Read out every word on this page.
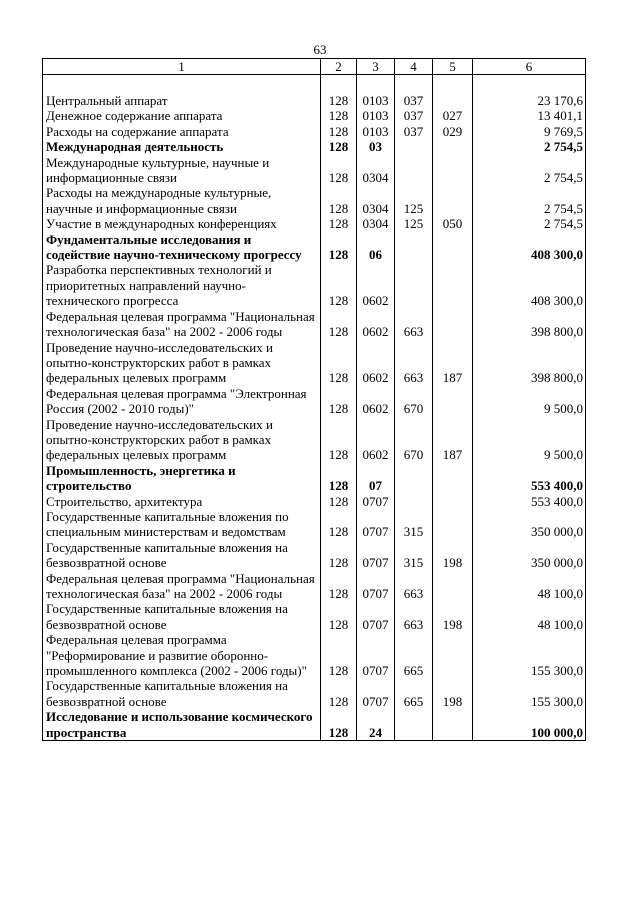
63
1	2	3	4	5	6

Центральный аппарат	128	0103	037		23 170,6
Денежное содержание аппарата	128	0103	037	027	13 401,1
Расходы на содержание аппарата	128	0103	037	029	9 769,5
Международная деятельность	128	03			2 754,5
Международные культурные, научные и информационные связи	128	0304			2 754,5
Расходы на международные культурные, научные и информационные связи	128	0304	125		2 754,5
Участие в международных конференциях	128	0304	125	050	2 754,5
Фундаментальные исследования и содействие научно-техническому прогрессу	128	06			408 300,0
Разработка перспективных технологий и приоритетных направлений научно-технического прогресса	128	0602			408 300,0
Федеральная целевая программа "Национальная технологическая база" на 2002 - 2006 годы	128	0602	663		398 800,0
Проведение научно-исследовательских и опытно-конструкторских работ в рамках федеральных целевых программ	128	0602	663	187	398 800,0
Федеральная целевая программа "Электронная Россия (2002 - 2010 годы)"	128	0602	670		9 500,0
Проведение научно-исследовательских и опытно-конструкторских работ в рамках федеральных целевых программ	128	0602	670	187	9 500,0
Промышленность, энергетика и строительство	128	07			553 400,0
Строительство, архитектура	128	0707			553 400,0
Государственные капитальные вложения по специальным министерствам и ведомствам	128	0707	315		350 000,0
Государственные капитальные вложения на безвозвратной основе	128	0707	315	198	350 000,0
Федеральная целевая программа "Национальная технологическая база" на 2002 - 2006 годы	128	0707	663		48 100,0
Государственные капитальные вложения на безвозвратной основе	128	0707	663	198	48 100,0
Федеральная целевая программа "Реформирование и развитие оборонно-промышленного комплекса (2002 - 2006 годы)"	128	0707	665		155 300,0
Государственные капитальные вложения на безвозвратной основе	128	0707	665	198	155 300,0
Исследование и использование космического пространства	128	24			100 000,0
